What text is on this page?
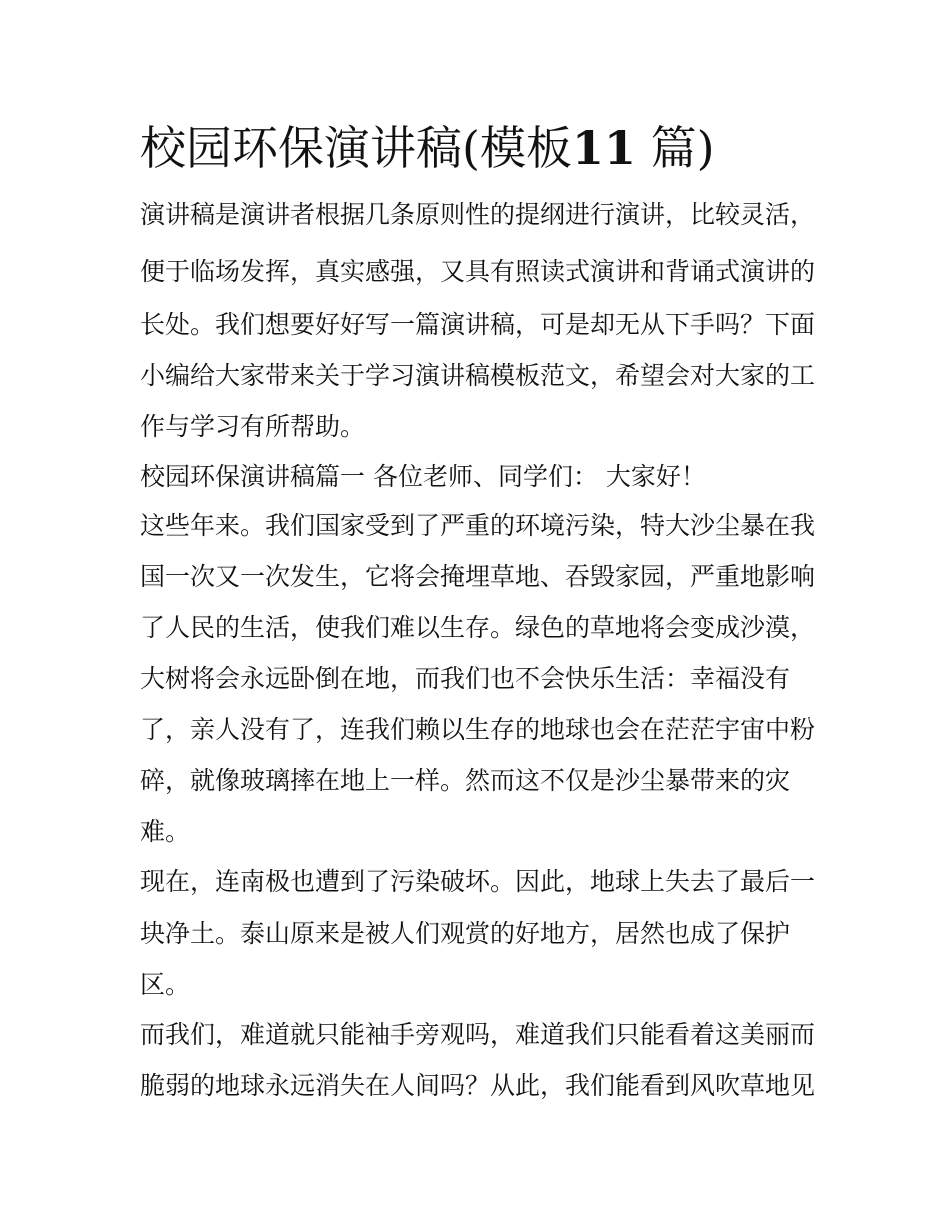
校园环保演讲稿(模板11 篇)

演讲稿是演讲者根据几条原则性的提纲进行演讲，比较灵活，

便于临场发挥，真实感强，又具有照读式演讲和背诵式演讲的

长处。我们想要好好写一篇演讲稿，可是却无从下手吗？下面

小编给大家带来关于学习演讲稿模板范文，希望会对大家的工

作与学习有所帮助。

校园环保演讲稿篇一 各位老师、同学们： 大家好！

这些年来。我们国家受到了严重的环境污染，特大沙尘暴在我

国一次又一次发生，它将会掩埋草地、吞毁家园，严重地影响

了人民的生活，使我们难以生存。绿色的草地将会变成沙漠，

大树将会永远卧倒在地，而我们也不会快乐生活：幸福没有

了，亲人没有了，连我们赖以生存的地球也会在茫茫宇宙中粉

碎，就像玻璃摔在地上一样。然而这不仅是沙尘暴带来的灾

难。

现在，连南极也遭到了污染破坏。因此，地球上失去了最后一

块净土。泰山原来是被人们观赏的好地方，居然也成了保护

区。

而我们，难道就只能袖手旁观吗，难道我们只能看着这美丽而

脆弱的地球永远消失在人间吗？从此，我们能看到风吹草地见
